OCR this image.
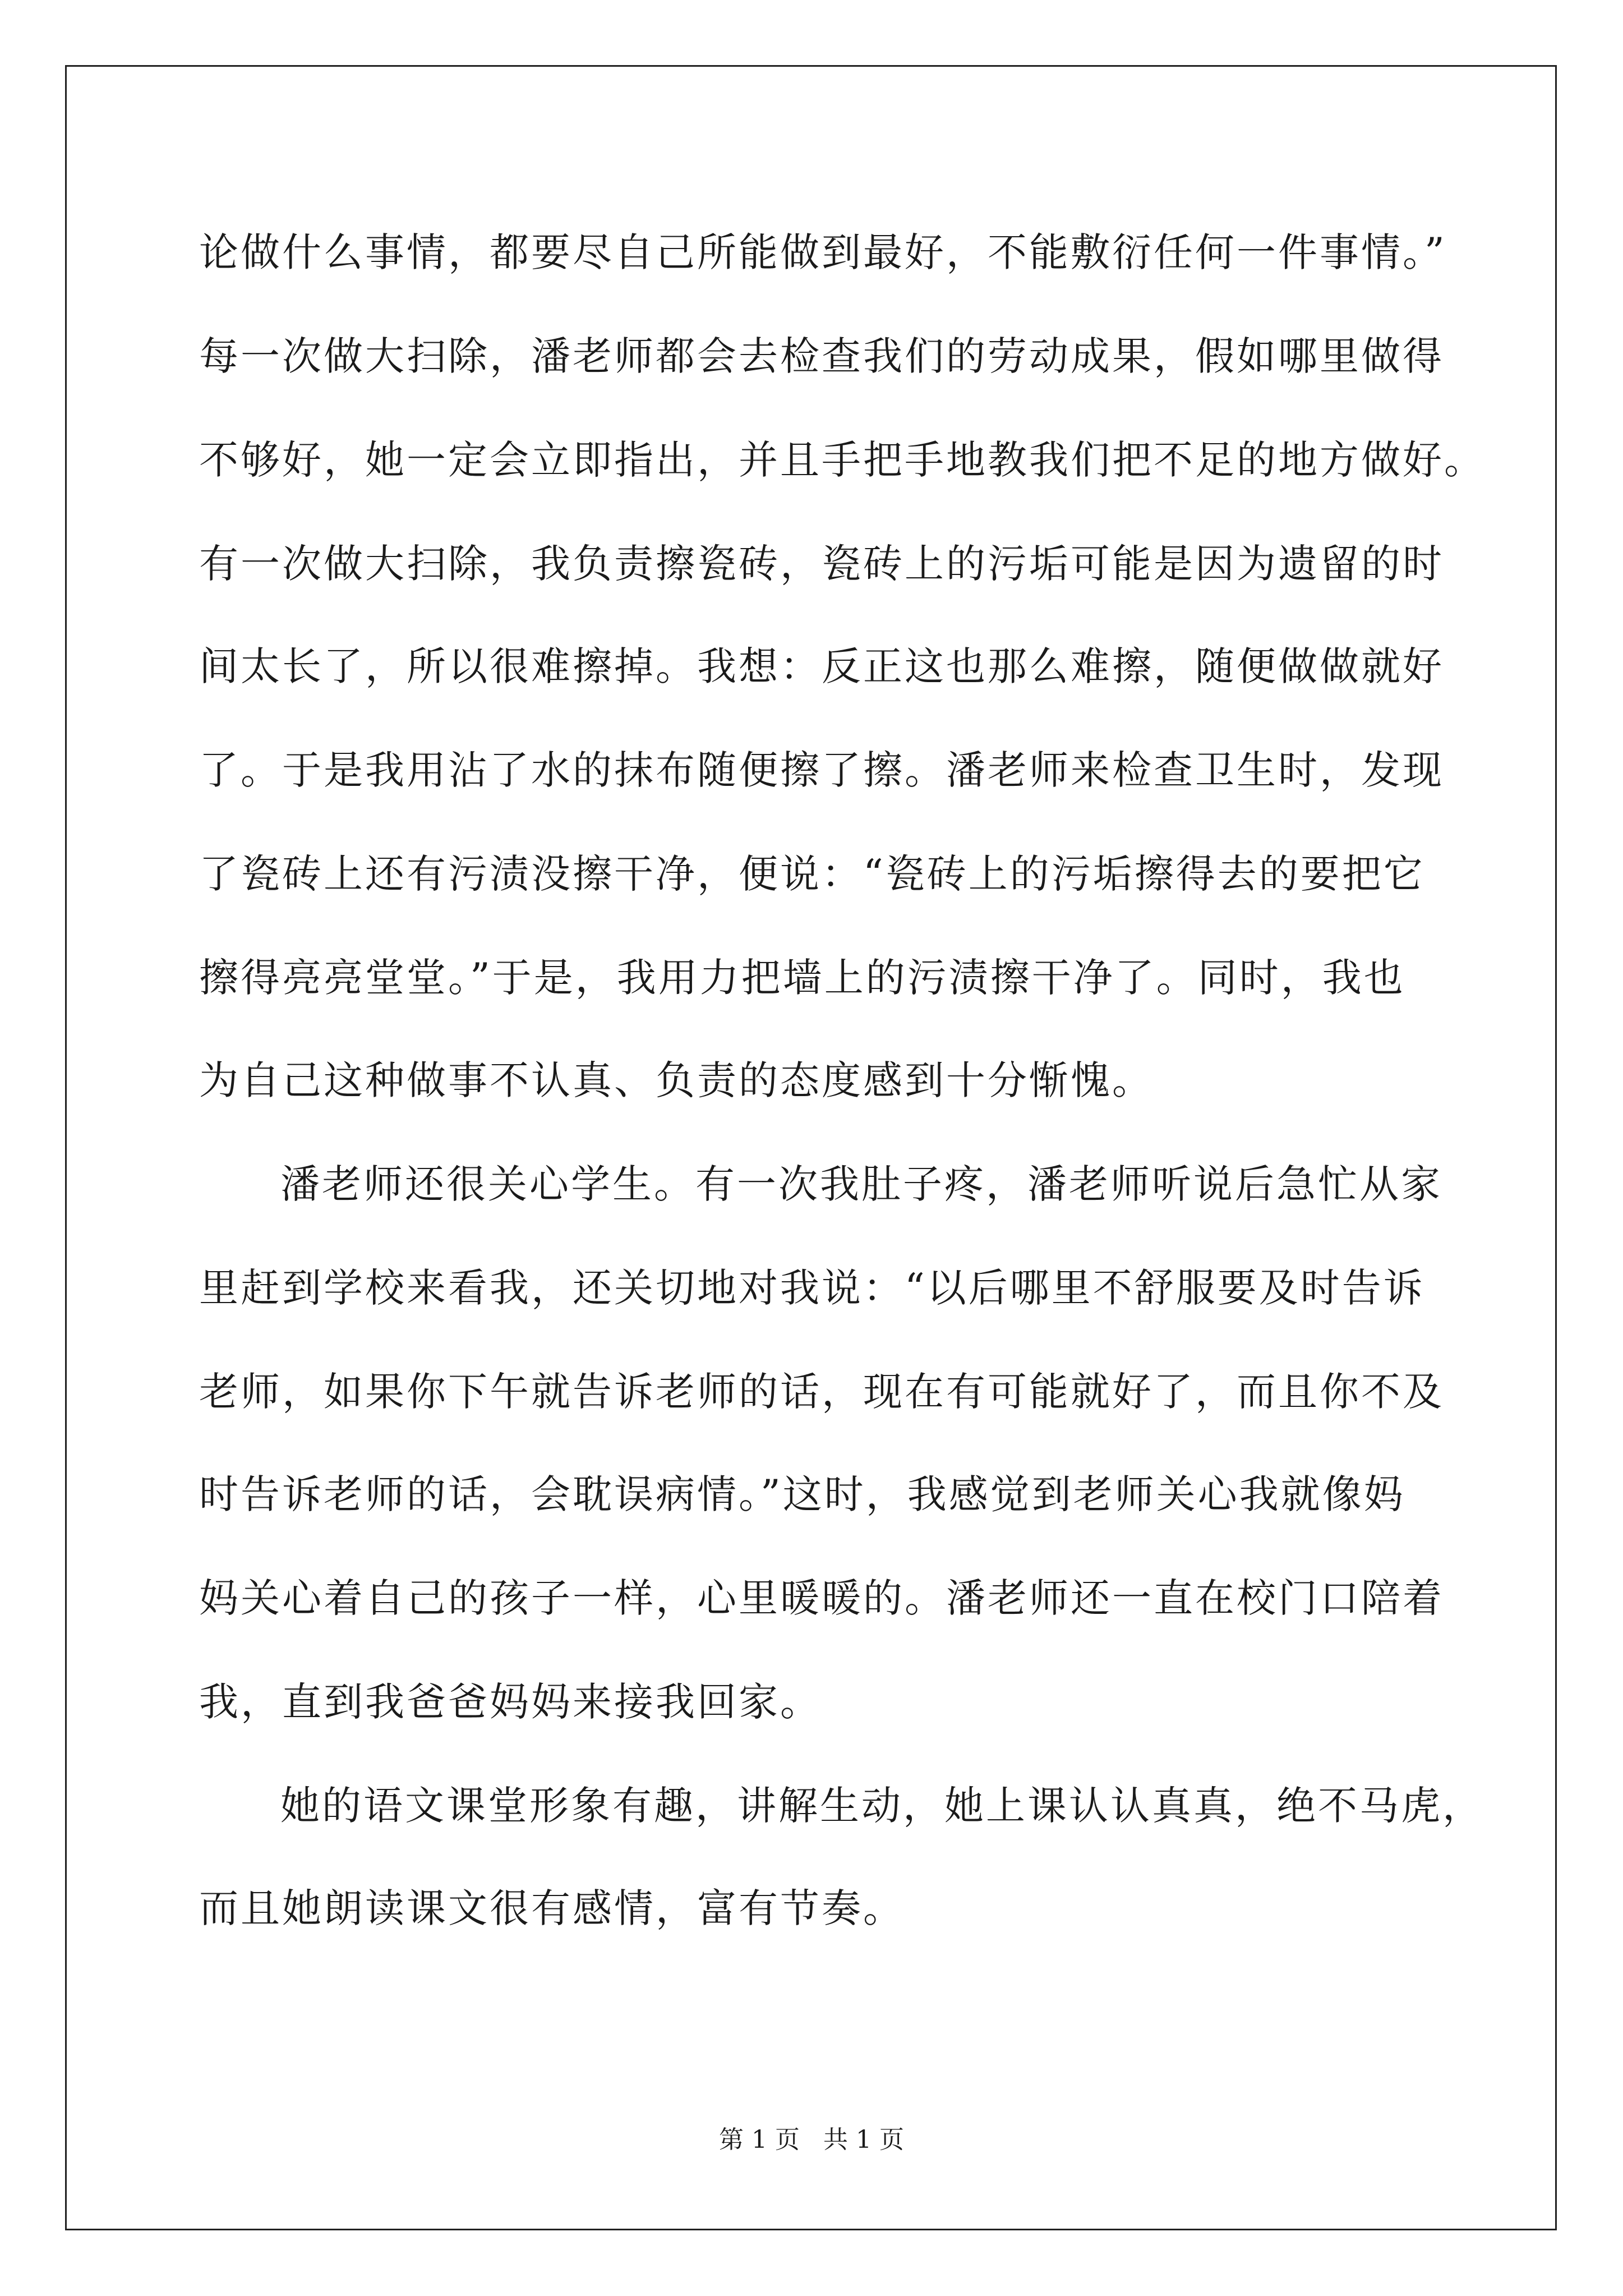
论做什么事情，都要尽自己所能做到最好，不能敷衍任何一件事情。”
每一次做大扫除，潘老师都会去检查我们的劳动成果，假如哪里做得
不够好，她一定会立即指出，并且手把手地教我们把不足的地方做好。
有一次做大扫除，我负责擦瓷砖，瓷砖上的污垢可能是因为遗留的时
间太长了，所以很难擦掉。我想：反正这也那么难擦，随便做做就好
了。于是我用沾了水的抹布随便擦了擦。潘老师来检查卫生时，发现
了瓷砖上还有污渍没擦干净，便说：“瓷砖上的污垢擦得去的要把它
擦得亮亮堂堂。”于是，我用力把墙上的污渍擦干净了。同时，我也
为自己这种做事不认真、负责的态度感到十分惭愧。
潘老师还很关心学生。有一次我肚子疼，潘老师听说后急忙从家
里赶到学校来看我，还关切地对我说：“以后哪里不舒服要及时告诉
老师，如果你下午就告诉老师的话，现在有可能就好了，而且你不及
时告诉老师的话，会耽误病情。”这时，我感觉到老师关心我就像妈
妈关心着自己的孩子一样，心里暖暖的。潘老师还一直在校门口陪着
我，直到我爸爸妈妈来接我回家。
她的语文课堂形象有趣，讲解生动，她上课认认真真，绝不马虎，
而且她朗读课文很有感情，富有节奏。
第 1 页   共 1 页
